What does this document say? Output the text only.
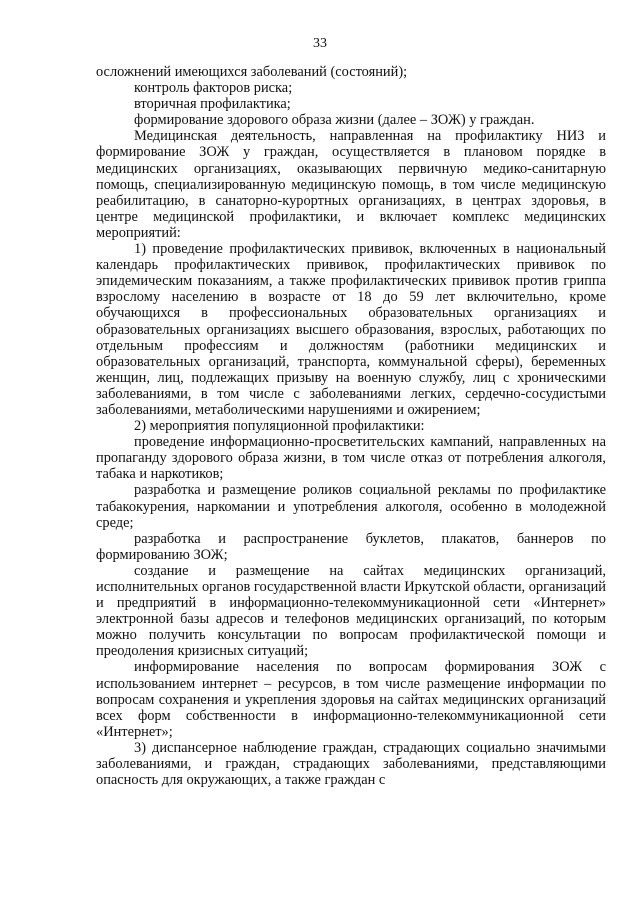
33

осложнений имеющихся заболеваний (состояний);

контроль факторов риска;

вторичная профилактика;

формирование здорового образа жизни (далее – ЗОЖ) у граждан.

Медицинская деятельность, направленная на профилактику НИЗ и формирование ЗОЖ у граждан, осуществляется в плановом порядке в медицинских организациях, оказывающих первичную медико-санитарную помощь, специализированную медицинскую помощь, в том числе медицинскую реабилитацию, в санаторно-курортных организациях, в центрах здоровья, в центре медицинской профилактики, и включает комплекс медицинских мероприятий:

1) проведение профилактических прививок, включенных в национальный календарь профилактических прививок, профилактических прививок по эпидемическим показаниям, а также профилактических прививок против гриппа взрослому населению в возрасте от 18 до 59 лет включительно, кроме обучающихся в профессиональных образовательных организациях и образовательных организациях высшего образования, взрослых, работающих по отдельным профессиям и должностям (работники медицинских и образовательных организаций, транспорта, коммунальной сферы), беременных женщин, лиц, подлежащих призыву на военную службу, лиц с хроническими заболеваниями, в том числе с заболеваниями легких, сердечно-сосудистыми заболеваниями, метаболическими нарушениями и ожирением;

2) мероприятия популяционной профилактики:

проведение информационно-просветительских кампаний, направленных на пропаганду здорового образа жизни, в том числе отказ от потребления алкоголя, табака и наркотиков;

разработка и размещение роликов социальной рекламы по профилактике табакокурения, наркомании и употребления алкоголя, особенно в молодежной среде;

разработка и распространение буклетов, плакатов, баннеров по формированию ЗОЖ;

создание и размещение на сайтах медицинских организаций, исполнительных органов государственной власти Иркутской области, организаций и предприятий в информационно-телекоммуникационной сети «Интернет» электронной базы адресов и телефонов медицинских организаций, по которым можно получить консультации по вопросам профилактической помощи и преодоления кризисных ситуаций;

информирование населения по вопросам формирования ЗОЖ с использованием интернет – ресурсов, в том числе размещение информации по вопросам сохранения и укрепления здоровья на сайтах медицинских организаций всех форм собственности в информационно-телекоммуникационной сети «Интернет»;

3) диспансерное наблюдение граждан, страдающих социально значимыми заболеваниями, и граждан, страдающих заболеваниями, представляющими опасность для окружающих, а также граждан с
